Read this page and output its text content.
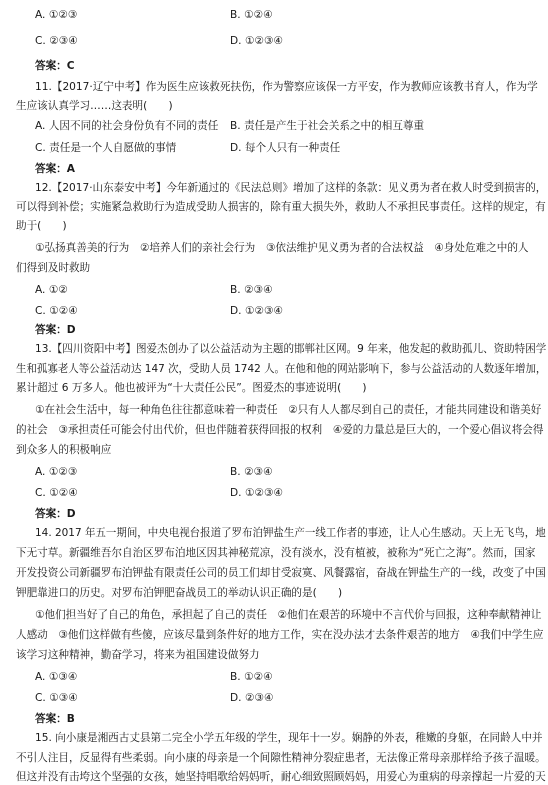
A. ①②③	B. ①②④
C. ②③④	D. ①②③④
答案：C
11.【2017·辽宁中考】作为医生应该救死扶伤，作为警察应该保一方平安，作为教师应该教书育人，作为学
生应该认真学习……这表明(　　)
A. 人因不同的社会身份负有不同的责任 B. 责任是产生于社会关系之中的相互尊重
C. 责任是一个人自愿做的事情	D. 每个人只有一种责任
答案：A
12.【2017·山东泰安中考】今年新通过的《民法总则》增加了这样的条款：见义勇为者在救人时受到损害的，
可以得到补偿；实施紧急救助行为造成受助人损害的，除有重大损失外，救助人不承担民事责任。这样的规定，有
助于(　　)
①弘扬真善美的行为　②培养人们的亲社会行为　③依法维护见义勇为者的合法权益　④身处危难之中的人
们得到及时救助
A. ①②	B. ②③④
C. ①②④	D. ①②③④
答案：D
13.【四川资阳中考】图爱杰创办了以公益活动为主题的邯郸社区网。9 年来，他发起的救助孤儿、资助特困学
生和孤寡老人等公益活动达 147 次，受助人员 1742 人。在他和他的网站影响下，参与公益活动的人数逐年增加，
累计超过 6 万多人。他也被评为“十大责任公民”。图爱杰的事迹说明(　　)
①在社会生活中，每一种角色往往都意味着一种责任　②只有人人都尽到自己的责任，才能共同建设和谐美好
的社会　③承担责任可能会付出代价，但也伴随着获得回报的权利　④爱的力量总是巨大的，一个爱心倡议将会得
到众多人的积极响应
A. ①②③	B. ②③④
C. ①②④	D. ①②③④
答案：D
14. 2017 年五一期间，中央电视台报道了罗布泊钾盐生产一线工作者的事迹，让人心生感动。天上无飞鸟，地
下无寸草。新疆维吾尔自治区罗布泊地区因其神秘荒凉，没有淡水，没有植被，被称为“死亡之海”。然而，国家
开发投资公司新疆罗布泊钾盐有限责任公司的员工们却甘受寂寞、风餐露宿，奋战在钾盐生产的一线，改变了中国
钾肥靠进口的历史。对罗布泊钾肥奋战员工的举动认识正确的是(　　)
①他们担当好了自己的角色，承担起了自己的责任　②他们在艰苦的环境中不言代价与回报，这种奉献精神让
人感动　③他们这样做有些傻，应该尽量到条件好的地方工作，实在没办法才去条件艰苦的地方　④我们中学生应
该学习这种精神，勤奋学习，将来为祖国建设做努力
A. ①③④	B. ①②④
C. ①③④	D. ②③④
答案：B
15. 向小康是湘西古丈县第二完全小学五年级的学生，现年十一岁。娴静的外表，稚嫩的身躯，在同龄人中并
不引人注目，反显得有些柔弱。向小康的母亲是一个间隙性精神分裂症患者，无法像正常母亲那样给予孩子温暖。
但这并没有击垮这个坚强的女孩，她坚持唱歌给妈妈听，耐心细致照顾妈妈，用爱心为重病的母亲撑起一片爱的天
